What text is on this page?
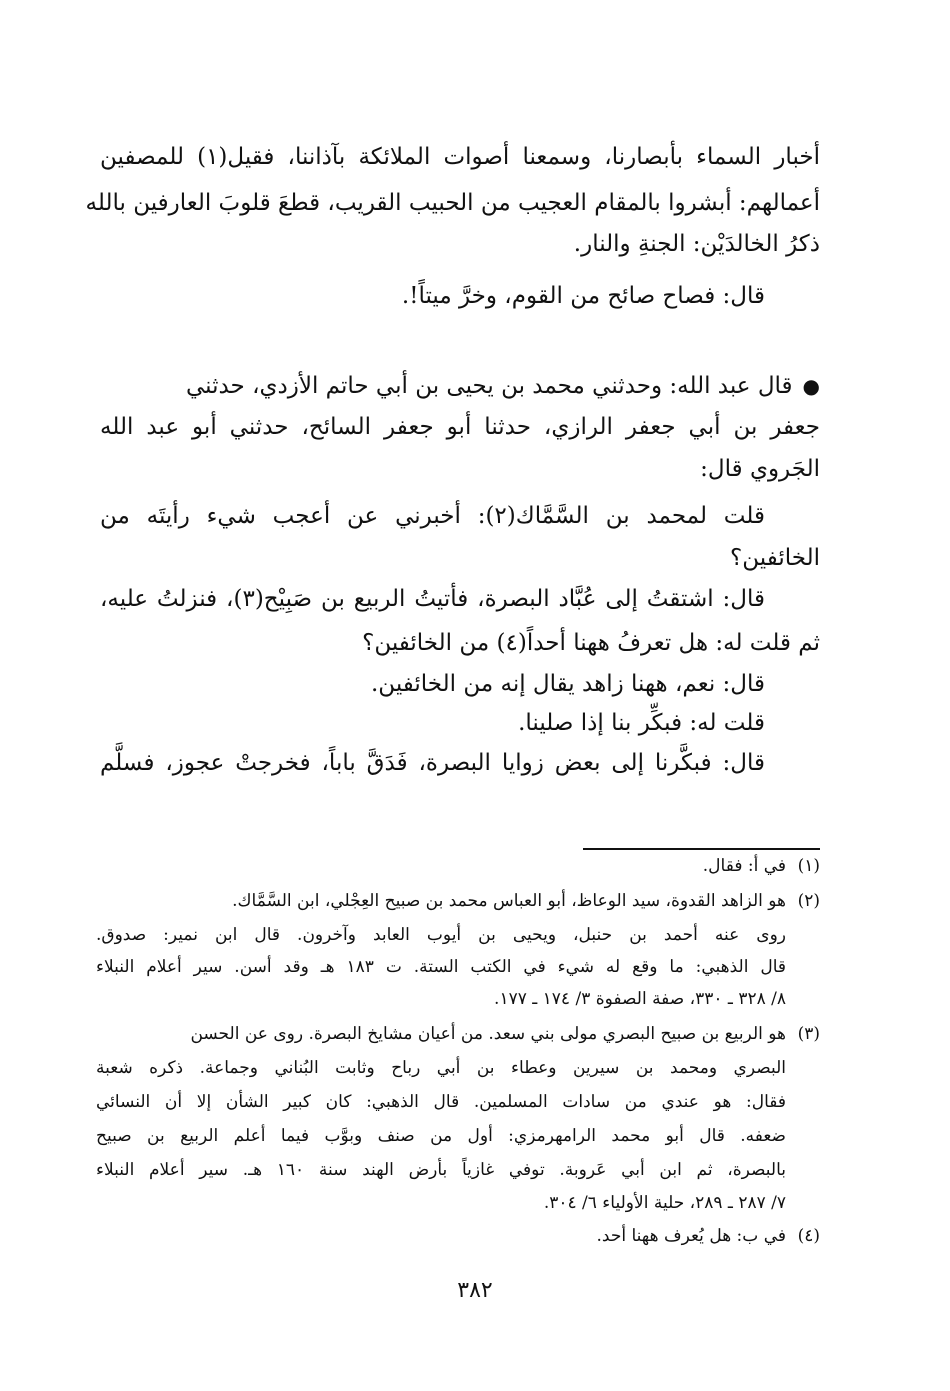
أخبار السماء بأبصارنا، وسمعنا أصوات الملائكة بآذاننا، فقيل(١) للمصفين
أعمالهم: أبشروا بالمقام العجيب من الحبيب القريب، قطعَ قلوبَ العارفين بالله
ذكرُ الخالدَيْن: الجنةِ والنار.
قال: فصاح صائح من القوم، وخرَّ ميتاً!.
●قال عبد الله: وحدثني محمد بن يحيى بن أبي حاتم الأزدي، حدثني
جعفر بن أبي جعفر الرازي، حدثنا أبو جعفر السائح، حدثني أبو عبد الله
الجَروي قال:
قلت لمحمد بن السَّمَّاك(٢): أخبرني عن أعجب شيء رأيتَه من
الخائفين؟
قال: اشتقتُ إلى عُبَّاد البصرة، فأتيتُ الربيع بن صَبِيْح(٣)، فنزلتُ عليه،
ثم قلت له: هل تعرفُ ههنا أحداً(٤) من الخائفين؟
قال: نعم، ههنا زاهد يقال إنه من الخائفين.
قلت له: فبكِّر بنا إذا صلينا.
قال: فبكَّرنا إلى بعض زوايا البصرة، فَدَقَّ باباً، فخرجتْ عجوز، فسلَّم
(١)في أ: فقال.
(٢)هو الزاهد القدوة، سيد الوعاظ، أبو العباس محمد بن صبيح العِجْلي، ابن السَّمَّاك.
روى عنه أحمد بن حنبل، ويحيى بن أيوب العابد وآخرون. قال ابن نمير: صدوق.
قال الذهبي: ما وقع له شيء في الكتب الستة. ت ١٨٣ هـ وقد أسن. سير أعلام النبلاء
٨/ ٣٢٨ ـ ٣٣٠، صفة الصفوة ٣/ ١٧٤ ـ ١٧٧.
(٣)هو الربيع بن صبيح البصري مولى بني سعد. من أعيان مشايخ البصرة. روى عن الحسن
البصري ومحمد بن سيرين وعطاء بن أبي رباح وثابت البُناني وجماعة. ذكره شعبة
فقال: هو عندي من سادات المسلمين. قال الذهبي: كان كبير الشأن إلا أن النسائي
ضعفه. قال أبو محمد الرامهرمزي: أول من صنف وبوَّب فيما أعلم الربيع بن صبيح
بالبصرة، ثم ابن أبي عَروبة. توفي غازياً بأرض الهند سنة ١٦٠ هـ. سير أعلام النبلاء
٧/ ٢٨٧ ـ ٢٨٩، حلية الأولياء ٦/ ٣٠٤.
(٤)في ب: هل يُعرف ههنا أحد.
٣٨٢
